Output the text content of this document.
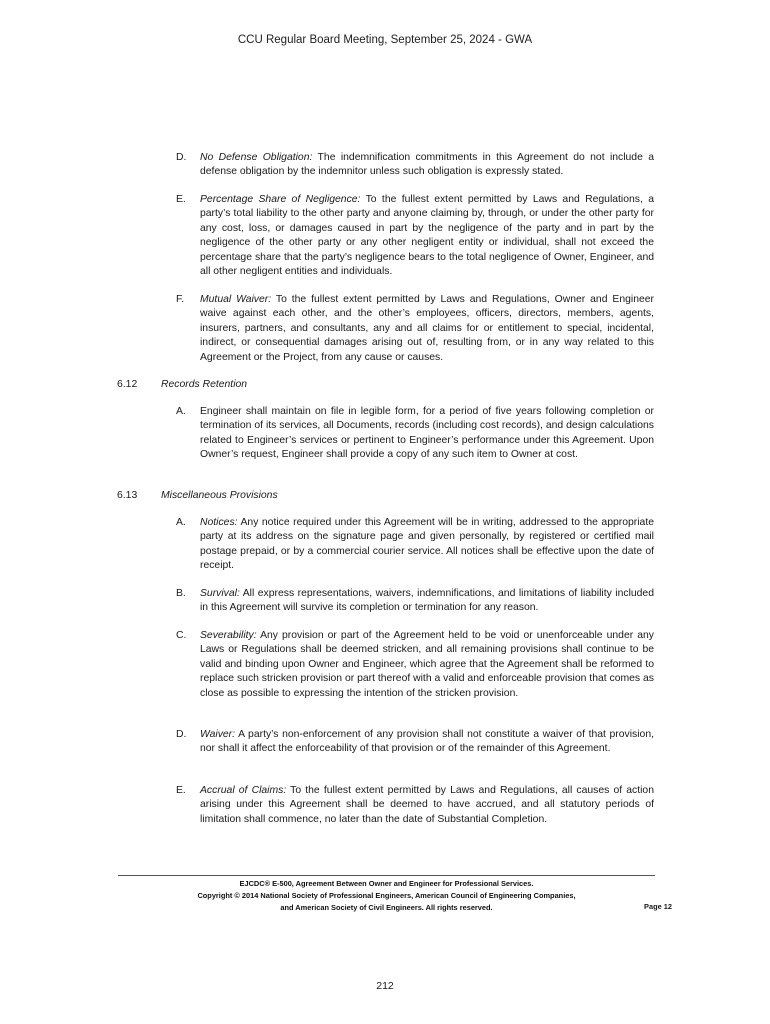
CCU Regular Board Meeting, September 25, 2024 - GWA
D. No Defense Obligation: The indemnification commitments in this Agreement do not include a defense obligation by the indemnitor unless such obligation is expressly stated.
E. Percentage Share of Negligence: To the fullest extent permitted by Laws and Regulations, a party’s total liability to the other party and anyone claiming by, through, or under the other party for any cost, loss, or damages caused in part by the negligence of the party and in part by the negligence of the other party or any other negligent entity or individual, shall not exceed the percentage share that the party’s negligence bears to the total negligence of Owner, Engineer, and all other negligent entities and individuals.
F. Mutual Waiver: To the fullest extent permitted by Laws and Regulations, Owner and Engineer waive against each other, and the other’s employees, officers, directors, members, agents, insurers, partners, and consultants, any and all claims for or entitlement to special, incidental, indirect, or consequential damages arising out of, resulting from, or in any way related to this Agreement or the Project, from any cause or causes.
6.12 Records Retention
A. Engineer shall maintain on file in legible form, for a period of five years following completion or termination of its services, all Documents, records (including cost records), and design calculations related to Engineer’s services or pertinent to Engineer’s performance under this Agreement. Upon Owner’s request, Engineer shall provide a copy of any such item to Owner at cost.
6.13 Miscellaneous Provisions
A. Notices: Any notice required under this Agreement will be in writing, addressed to the appropriate party at its address on the signature page and given personally, by registered or certified mail postage prepaid, or by a commercial courier service. All notices shall be effective upon the date of receipt.
B. Survival: All express representations, waivers, indemnifications, and limitations of liability included in this Agreement will survive its completion or termination for any reason.
C. Severability: Any provision or part of the Agreement held to be void or unenforceable under any Laws or Regulations shall be deemed stricken, and all remaining provisions shall continue to be valid and binding upon Owner and Engineer, which agree that the Agreement shall be reformed to replace such stricken provision or part thereof with a valid and enforceable provision that comes as close as possible to expressing the intention of the stricken provision.
D. Waiver: A party’s non-enforcement of any provision shall not constitute a waiver of that provision, nor shall it affect the enforceability of that provision or of the remainder of this Agreement.
E. Accrual of Claims: To the fullest extent permitted by Laws and Regulations, all causes of action arising under this Agreement shall be deemed to have accrued, and all statutory periods of limitation shall commence, no later than the date of Substantial Completion.
EJCDC® E-500, Agreement Between Owner and Engineer for Professional Services.
Copyright © 2014 National Society of Professional Engineers, American Council of Engineering Companies,
and American Society of Civil Engineers. All rights reserved.	Page 12
212
